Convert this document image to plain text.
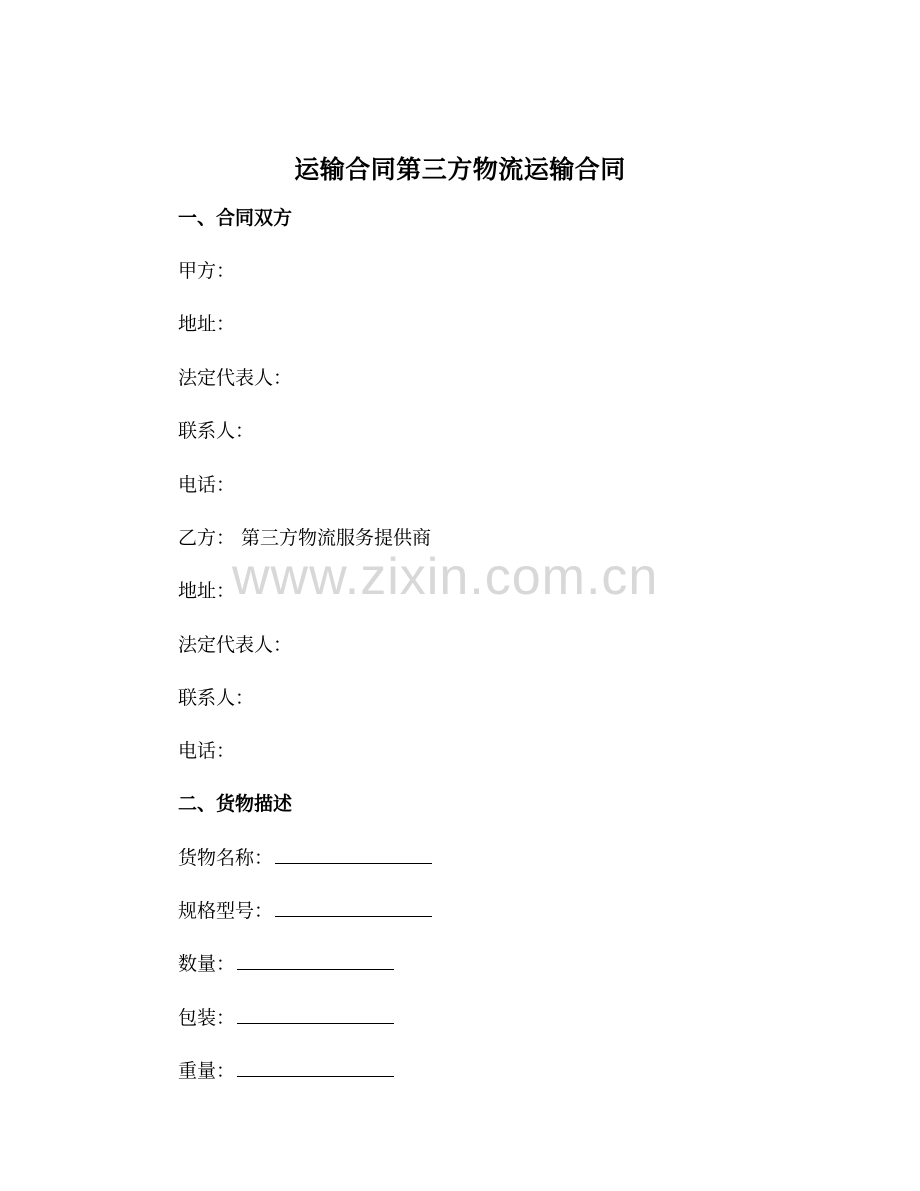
www.zixin.com.cn
运输合同第三方物流运输合同
一、合同双方
甲方：
地址：
法定代表人：
联系人：
电话：
乙方： 第三方物流服务提供商
地址：
法定代表人：
联系人：
电话：
二、货物描述
货物名称：
规格型号：
数量：
包装：
重量：
